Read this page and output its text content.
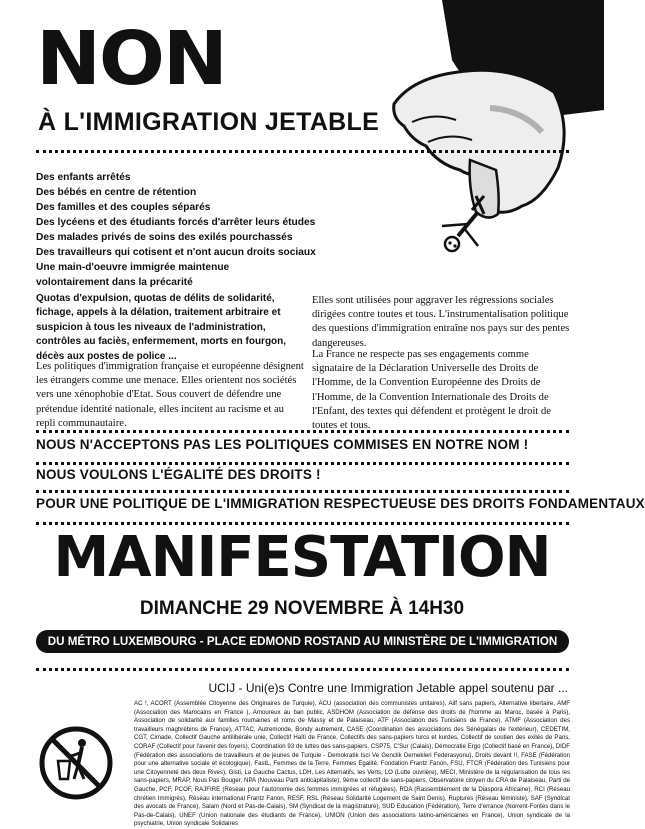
NON
À L'IMMIGRATION JETABLE
Des enfants arrêtés
Des bébés en centre de rétention
Des familles et des couples séparés
Des lycéens et des étudiants forcés d'arrêter leurs études
Des malades privés de soins des exilés pourchassés
Des travailleurs qui cotisent et n'ont aucun droits sociaux
Une main-d'oeuvre immigrée maintenue
volontairement dans la précarité

Quotas d'expulsion, quotas de délits de solidarité, fichage, appels à la délation, traitement arbitraire et suspicion à tous les niveaux de l'administration, contrôles au faciès, enfermement, morts en fourgon, décès aux postes de police ...

Les politiques d'immigration française et européenne désignent les étrangers comme une menace. Elles orientent nos sociétés vers une xénophobie d'Etat. Sous couvert de défendre une prétendue identité nationale, elles incitent au racisme et au repli communautaire.

Elles sont utilisées pour aggraver les régressions sociales dirigées contre toutes et tous. L'instrumentalisation politique des questions d'immigration entraîne nos pays sur des pentes dangereuses.

La France ne respecte pas ses engagements comme signataire de la Déclaration Universelle des Droits de l'Homme, de la Convention Européenne des Droits de l'Homme, de la Convention Internationale des Droits de l'Enfant, des textes qui défendent et protègent le droit de toutes et tous.

NOUS N'ACCEPTONS PAS LES POLITIQUES COMMISES EN NOTRE NOM !
NOUS VOULONS L'ÉGALITÉ DES DROITS !
POUR UNE POLITIQUE DE L'IMMIGRATION RESPECTUEUSE DES DROITS FONDAMENTAUX
MANIFESTATION
DIMANCHE 29 NOVEMBRE À 14H30
DU MÉTRO LUXEMBOURG - PLACE EDMOND ROSTAND AU MINISTÈRE DE L'IMMIGRATION
UCIJ - Uni(e)s Contre une Immigration Jetable appel soutenu par ...

AC !, ACORT (Assemblée Citoyenne des Originaires de Turquie), ACU (association des communistes unitaires), Ailf sans papiers, Alternative libertaire, AMF (Association des Marocains en France ), Amoureux au ban public, ASDHOM (Association de défense des droits de l'homme au Maroc, basée à Paris), Association de solidarité aux familles roumaines et roms de Massy et de Palaiseau, ATF (Association des Tunisiens de France), ATMF (Association des travailleurs maghrébins de France), ATTAC, Autremonde, Bondy autrement, CASE (Coordination des associations des Sénégalais de l'extérieur), CEDETIM, CGT, Cimade, Collectif Gauche antilibérale unie, Collectif Haïti de France, Collectifs des sans-papiers turcs et kurdes, Collectif de soutien des exilés de Paris, CORAF (Collectif pour l'avenir des foyers), Coordination 93 de luttes des sans-papiers, CSP75, C'Sur (Calais), Démocratie Ergo (Collectif basé en France), DIDF (Fédération des associations de travailleurs et de jeunes de Turquie - Demokratik Isci Ve Genclik Dernekleri Federasyonu), Droits devant !!, FASE (Fédération pour une alternative sociale et écologique), FastL, Femmes de la Terre, Femmes Egalité, Fondation Frantz Fanon, FSU, FTCR (Fédération des Tunisiens pour une Citoyenneté des deux Rives), Gisti, La Gauche Cactus, LDH, Les Alternatifs, les Verts, LO (Lutte ouvrière), MECI, Ministère de la régularisation de tous les sans-papiers, MRAP, Nous Pas Bouger, NPA (Nouveau Parti anticapitaliste), 9ème collectif de sans-papiers, Observatoire citoyen du CRA de Palaiseau, Parti de Gauche, PCF, PCOF, RAJFIRE (Réseau pour l'autonomie des femmes immigrées et réfugiées), RDA (Rassemblement de la Diaspora Africaine), RCI (Réseau chrétien Immigrés), Réseau international Frantz Fanon, RESF, RSL (Réseau Solidarité Logement de Saint Denis), Ruptures (Réseau féministe), SAF (Syndicat des avocats de France), Salam (Nord et Pas-de-Calais), SM (Syndicat de la magistrature), SUD Education (Fédération), Terre d'errance (Norrent-Fontes dans le Pas-de-Calais), UNEF (Union nationale des étudiants de France), UNION (Union des associations latino-américaines en France), Union syndicale de la psychiatrie, Union syndicale Solidaires
